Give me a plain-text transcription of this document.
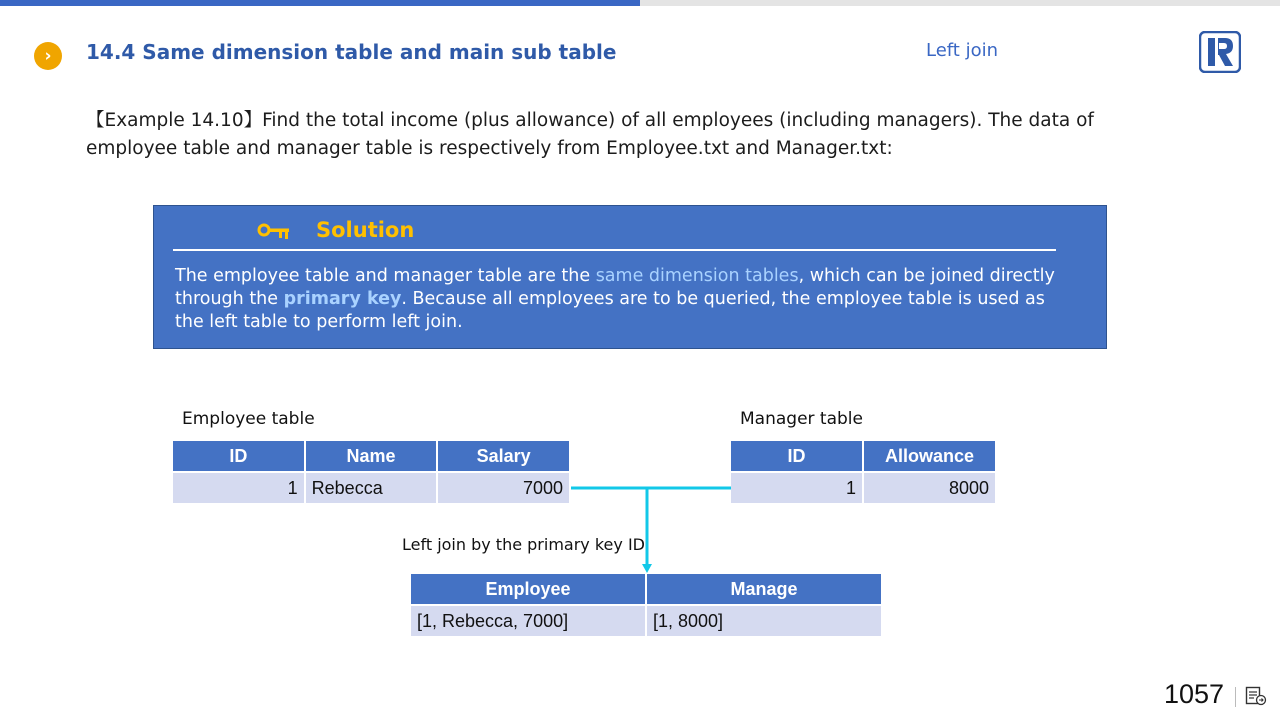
›	14.4 Same dimension table and main sub table	Left join
【Example 14.10】Find the total income (plus allowance) of all employees (including managers). The data of employee table and manager table is respectively from Employee.txt and Manager.txt:
Solution
The employee table and manager table are the same dimension tables, which can be joined directly through the primary key. Because all employees are to be queried, the employee table is used as the left table to perform left join.
Employee table
ID	Name	Salary
1	Rebecca	7000
Manager table
ID	Allowance
1	8000
Left join by the primary key ID
Employee	Manage
[1, Rebecca, 7000]	[1, 8000]
1057
